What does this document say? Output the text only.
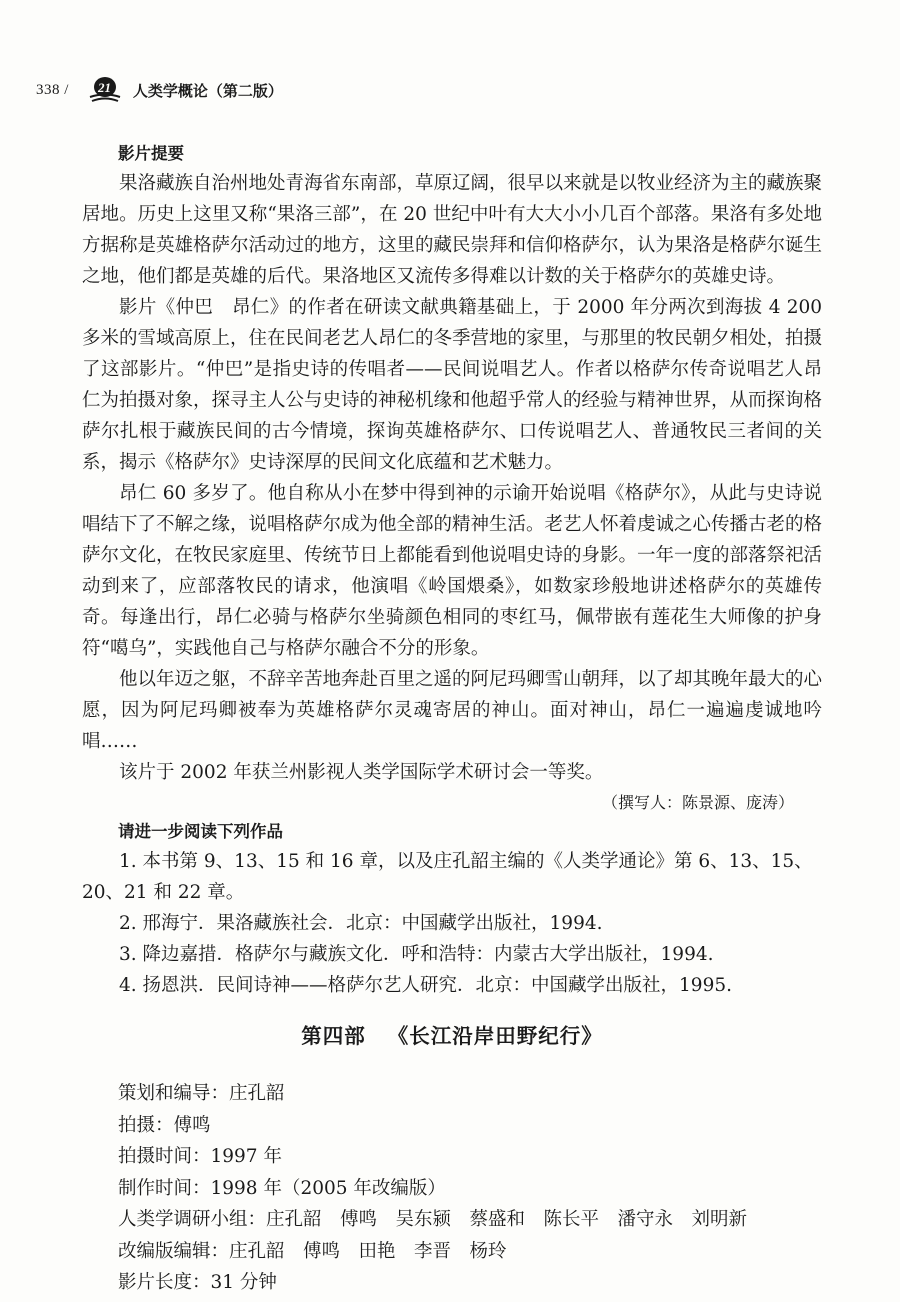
338 / 21 人类学概论（第二版）
影片提要

果洛藏族自治州地处青海省东南部，草原辽阔，很早以来就是以牧业经济为主的藏族聚居地。历史上这里又称“果洛三部”，在 20 世纪中叶有大大小小几百个部落。果洛有多处地方据称是英雄格萨尔活动过的地方，这里的藏民崇拜和信仰格萨尔，认为果洛是格萨尔诞生之地，他们都是英雄的后代。果洛地区又流传多得难以计数的关于格萨尔的英雄史诗。

影片《仲巴　昂仁》的作者在研读文献典籍基础上，于 2000 年分两次到海拔 4 200 多米的雪域高原上，住在民间老艺人昂仁的冬季营地的家里，与那里的牧民朝夕相处，拍摄了这部影片。“仲巴”是指史诗的传唱者——民间说唱艺人。作者以格萨尔传奇说唱艺人昂仁为拍摄对象，探寻主人公与史诗的神秘机缘和他超乎常人的经验与精神世界，从而探询格萨尔扎根于藏族民间的古今情境，探询英雄格萨尔、口传说唱艺人、普通牧民三者间的关系，揭示《格萨尔》史诗深厚的民间文化底蕴和艺术魅力。

昂仁 60 多岁了。他自称从小在梦中得到神的示谕开始说唱《格萨尔》，从此与史诗说唱结下了不解之缘，说唱格萨尔成为他全部的精神生活。老艺人怀着虔诚之心传播古老的格萨尔文化，在牧民家庭里、传统节日上都能看到他说唱史诗的身影。一年一度的部落祭祀活动到来了，应部落牧民的请求，他演唱《岭国煨桑》，如数家珍般地讲述格萨尔的英雄传奇。每逢出行，昂仁必骑与格萨尔坐骑颜色相同的枣红马，佩带嵌有莲花生大师像的护身符“噶乌”，实践他自己与格萨尔融合不分的形象。

他以年迈之躯，不辞辛苦地奔赴百里之遥的阿尼玛卿雪山朝拜，以了却其晚年最大的心愿，因为阿尼玛卿被奉为英雄格萨尔灵魂寄居的神山。面对神山，昂仁一遍遍虔诚地吟唱……

该片于 2002 年获兰州影视人类学国际学术研讨会一等奖。

（撰写人：陈景源、庞涛）
请进一步阅读下列作品
1. 本书第 9、13、15 和 16 章，以及庄孔韶主编的《人类学通论》第 6、13、15、20、21 和 22 章。
2. 邢海宁．果洛藏族社会．北京：中国藏学出版社，1994.
3. 降边嘉措．格萨尔与藏族文化．呼和浩特：内蒙古大学出版社，1994.
4. 扬恩洪．民间诗神——格萨尔艺人研究．北京：中国藏学出版社，1995.
第四部 《长江沿岸田野纪行》
策划和编导：庄孔韶
拍摄：傅鸣
拍摄时间：1997 年
制作时间：1998 年（2005 年改编版）
人类学调研小组：庄孔韶　傅鸣　吴东颍　蔡盛和　陈长平　潘守永　刘明新
改编版编辑：庄孔韶　傅鸣　田艳　李晋　杨玲
影片长度：31 分钟
